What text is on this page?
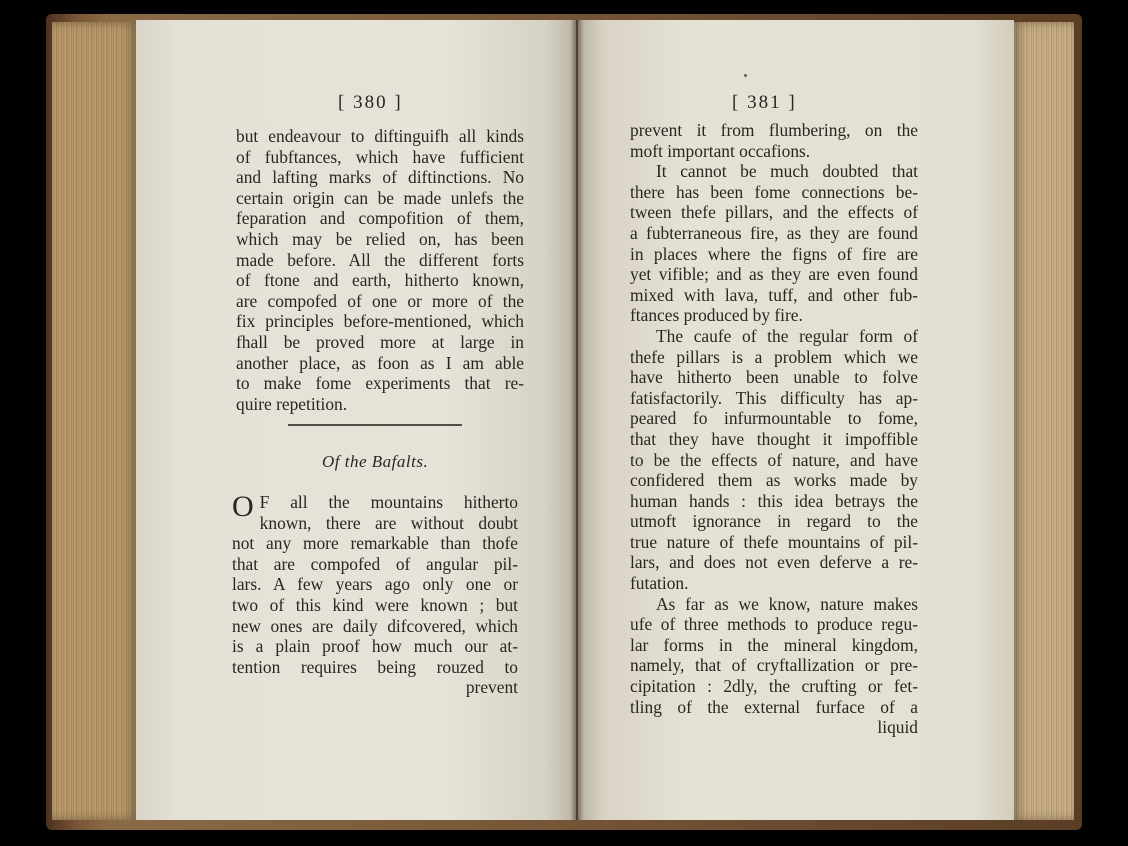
[ 380 ]
but endeavour to diftinguifh all kinds
of fubftances, which have fufficient
and lafting marks of diftinctions. No
certain origin can be made unlefs the
feparation and compofition of them,
which may be relied on, has been
made before. All the different forts
of ftone and earth, hitherto known,
are compofed of one or more of the
fix principles before-mentioned, which
fhall be proved more at large in
another place, as foon as I am able
to make fome experiments that re-
quire repetition.
Of the Bafalts.
O F all the mountains hitherto
known, there are without doubt
not any more remarkable than thofe
that are compofed of angular pil-
lars. A few years ago only one or
two of this kind were known ; but
new ones are daily difcovered, which
is a plain proof how much our at-
tention requires being rouzed to
prevent
[ 381 ]
prevent it from flumbering, on the
moft important occafions.
It cannot be much doubted that
there has been fome connections be-
tween thefe pillars, and the effects of
a fubterraneous fire, as they are found
in places where the figns of fire are
yet vifible; and as they are even found
mixed with lava, tuff, and other fub-
ftances produced by fire.
The caufe of the regular form of
thefe pillars is a problem which we
have hitherto been unable to folve
fatisfactorily. This difficulty has ap-
peared fo infurmountable to fome,
that they have thought it impoffible
to be the effects of nature, and have
confidered them as works made by
human hands : this idea betrays the
utmoft ignorance in regard to the
true nature of thefe mountains of pil-
lars, and does not even deferve a re-
futation.
As far as we know, nature makes
ufe of three methods to produce regu-
lar forms in the mineral kingdom,
namely, that of cryftallization or pre-
cipitation : 2dly, the crufting or fet-
tling of the external furface of a
liquid
